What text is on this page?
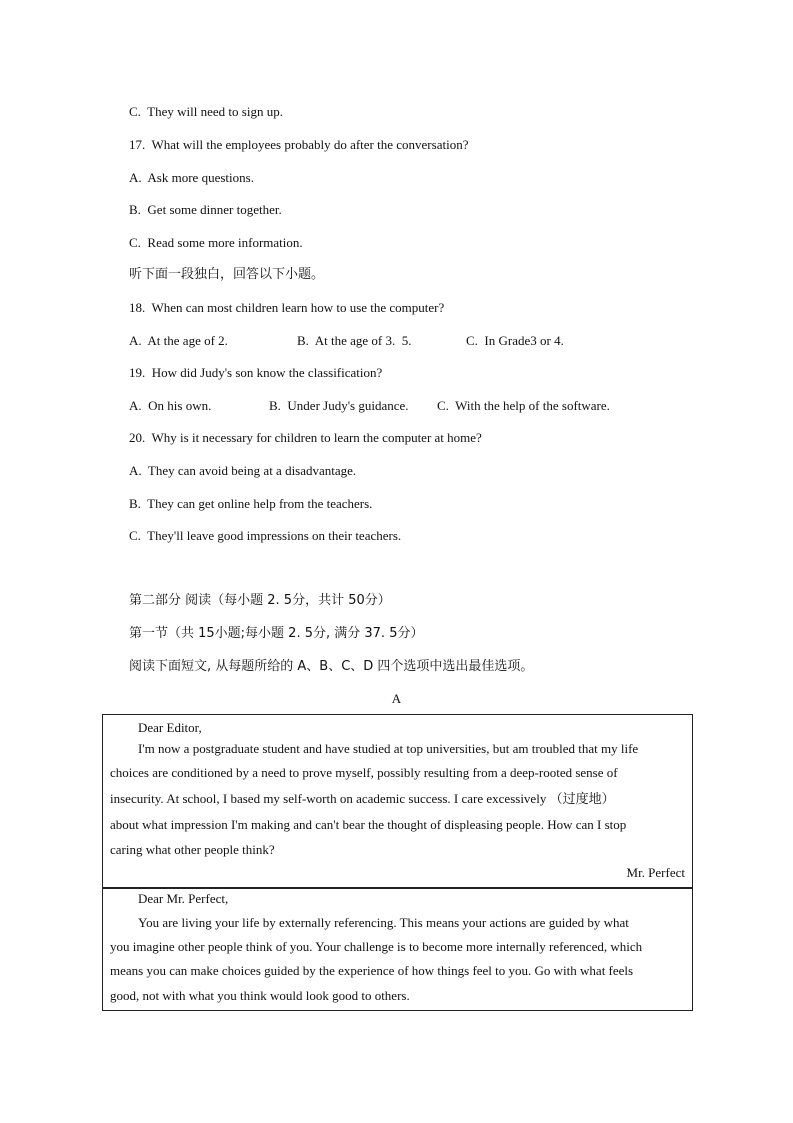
C.  They will need to sign up.
17.  What will the employees probably do after the conversation?
A.  Ask more questions.
B.  Get some dinner together.
C.  Read some more information.
听下面一段独白，回答以下小题。
18.  When can most children learn how to use the computer?

A.  At the age of 2.

	B.  At the age of 3.  5.

	C.  In Grade3 or 4.

19.  How did Judy's son know the classification?

A.  On his own.

	B.  Under Judy's guidance.

C.  With the help of the software.

20.  Why is it necessary for children to learn the computer at home?
A.  They can avoid being at a disadvantage.
B.  They can get online help from the teachers.
C.  They'll leave good impressions on their teachers.
第二部分 阅读（每小题 2. 5分，共计 50分）
第一节（共 15小题;每小题 2. 5分, 满分 37. 5分）
阅读下面短文, 从每题所给的 A、B、C、D 四个选项中选出最佳选项。
A
Dear Editor,
I'm now a postgraduate student and have studied at top universities, but am troubled that my life
choices are conditioned by a need to prove myself, possibly resulting from a deep-rooted sense of
insecurity. At school, I based my self-worth on academic success. I care excessively （过度地）
about what impression I'm making and can't bear the thought of displeasing people. How can I stop
caring what other people think?
Mr. Perfect
Dear Mr. Perfect,
You are living your life by externally referencing. This means your actions are guided by what
you imagine other people think of you. Your challenge is to become more internally referenced, which
means you can make choices guided by the experience of how things feel to you. Go with what feels
good, not with what you think would look good to others.
